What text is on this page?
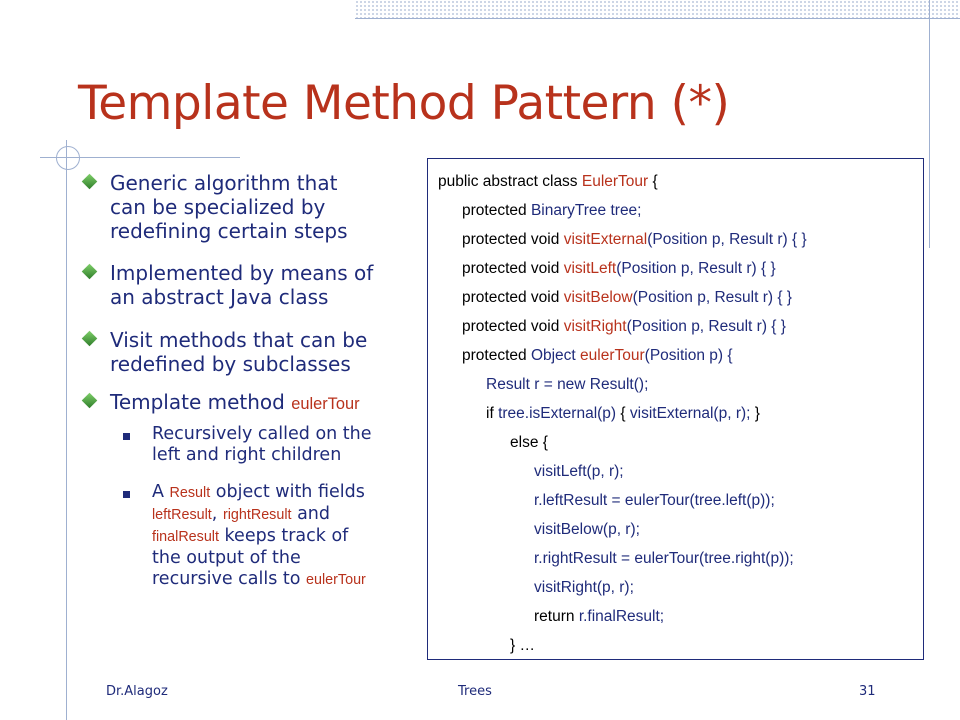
Template Method Pattern (*)
Generic algorithm that
can be specialized by
redefining certain steps
Implemented by means of
an abstract Java class
Visit methods that can be
redefined by subclasses
Template method eulerTour
Recursively called on the
left and right children
A Result object with fields
leftResult, rightResult and
finalResult keeps track of
the output of the
recursive calls to eulerTour
public abstract class EulerTour {
protected BinaryTree tree;
protected void visitExternal(Position p, Result r) { }
protected void visitLeft(Position p, Result r) { }
protected void visitBelow(Position p, Result r) { }
protected void visitRight(Position p, Result r) { }
protected Object eulerTour(Position p) {
Result r = new Result();
if tree.isExternal(p) { visitExternal(p, r); }
else {
visitLeft(p, r);
r.leftResult = eulerTour(tree.left(p));
visitBelow(p, r);
r.rightResult = eulerTour(tree.right(p));
visitRight(p, r);
return r.finalResult;
} …
Dr.Alagoz	Trees	31
